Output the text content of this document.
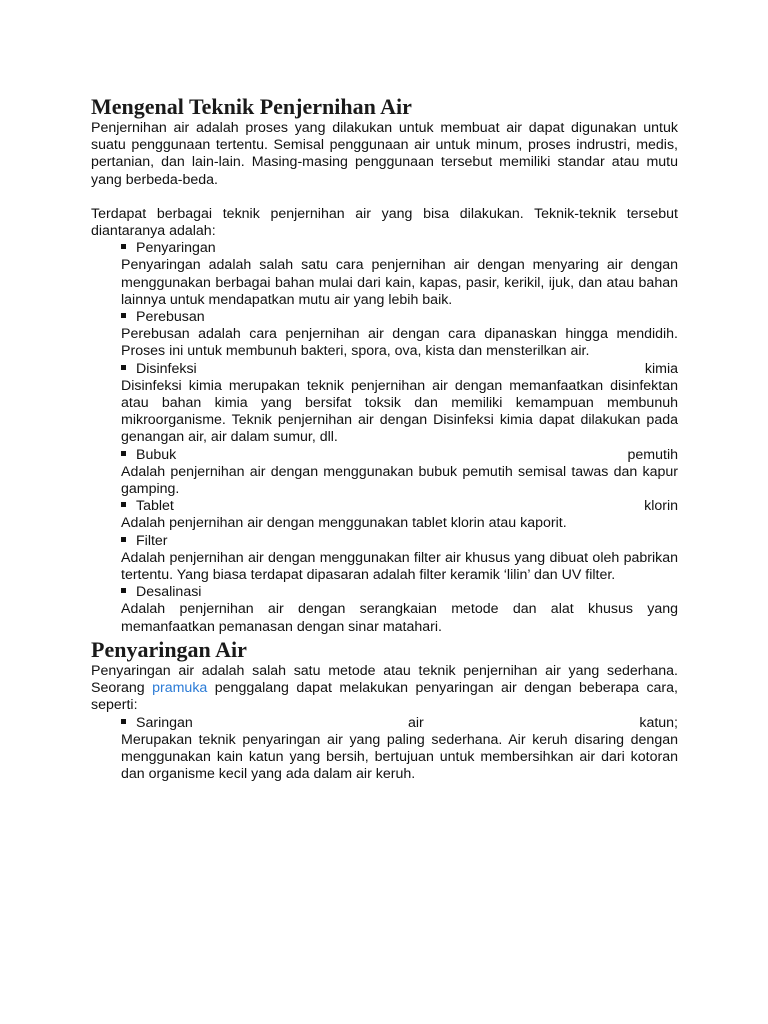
Mengenal Teknik Penjernihan Air

Penjernihan air adalah proses yang dilakukan untuk membuat air dapat digunakan untuk suatu penggunaan tertentu. Semisal penggunaan air untuk minum, proses indrustri, medis, pertanian, dan lain-lain. Masing-masing penggunaan tersebut memiliki standar atau mutu yang berbeda-beda.

Terdapat berbagai teknik penjernihan air yang bisa dilakukan. Teknik-teknik tersebut diantaranya adalah:

Penyaringan

Penyaringan adalah salah satu cara penjernihan air dengan menyaring air dengan menggunakan berbagai bahan mulai dari kain, kapas, pasir, kerikil, ijuk, dan atau bahan lainnya untuk mendapatkan mutu air yang lebih baik.

Perebusan

Perebusan adalah cara penjernihan air dengan cara dipanaskan hingga mendidih. Proses ini untuk membunuh bakteri, spora, ova, kista dan mensterilkan air.

Disinfeksi	kimia

Disinfeksi kimia merupakan teknik penjernihan air dengan memanfaatkan disinfektan atau bahan kimia yang bersifat toksik dan memiliki kemampuan membunuh mikroorganisme. Teknik penjernihan air dengan Disinfeksi kimia dapat dilakukan pada genangan air, air dalam sumur, dll.

Bubuk	pemutih

Adalah penjernihan air dengan menggunakan bubuk pemutih semisal tawas dan kapur gamping.

Tablet	klorin

Adalah penjernihan air dengan menggunakan tablet klorin atau kaporit.

Filter

Adalah penjernihan air dengan menggunakan filter air khusus yang dibuat oleh pabrikan tertentu. Yang biasa terdapat dipasaran adalah filter keramik ‘lilin’ dan UV filter.

Desalinasi

Adalah penjernihan air dengan serangkaian metode dan alat khusus yang memanfaatkan pemanasan dengan sinar matahari.

Penyaringan Air

Penyaringan air adalah salah satu metode atau teknik penjernihan air yang sederhana. Seorang pramuka penggalang dapat melakukan penyaringan air dengan beberapa cara, seperti:

Saringan	air	katun;

Merupakan teknik penyaringan air yang paling sederhana. Air keruh disaring dengan menggunakan kain katun yang bersih, bertujuan untuk membersihkan air dari kotoran dan organisme kecil yang ada dalam air keruh.
